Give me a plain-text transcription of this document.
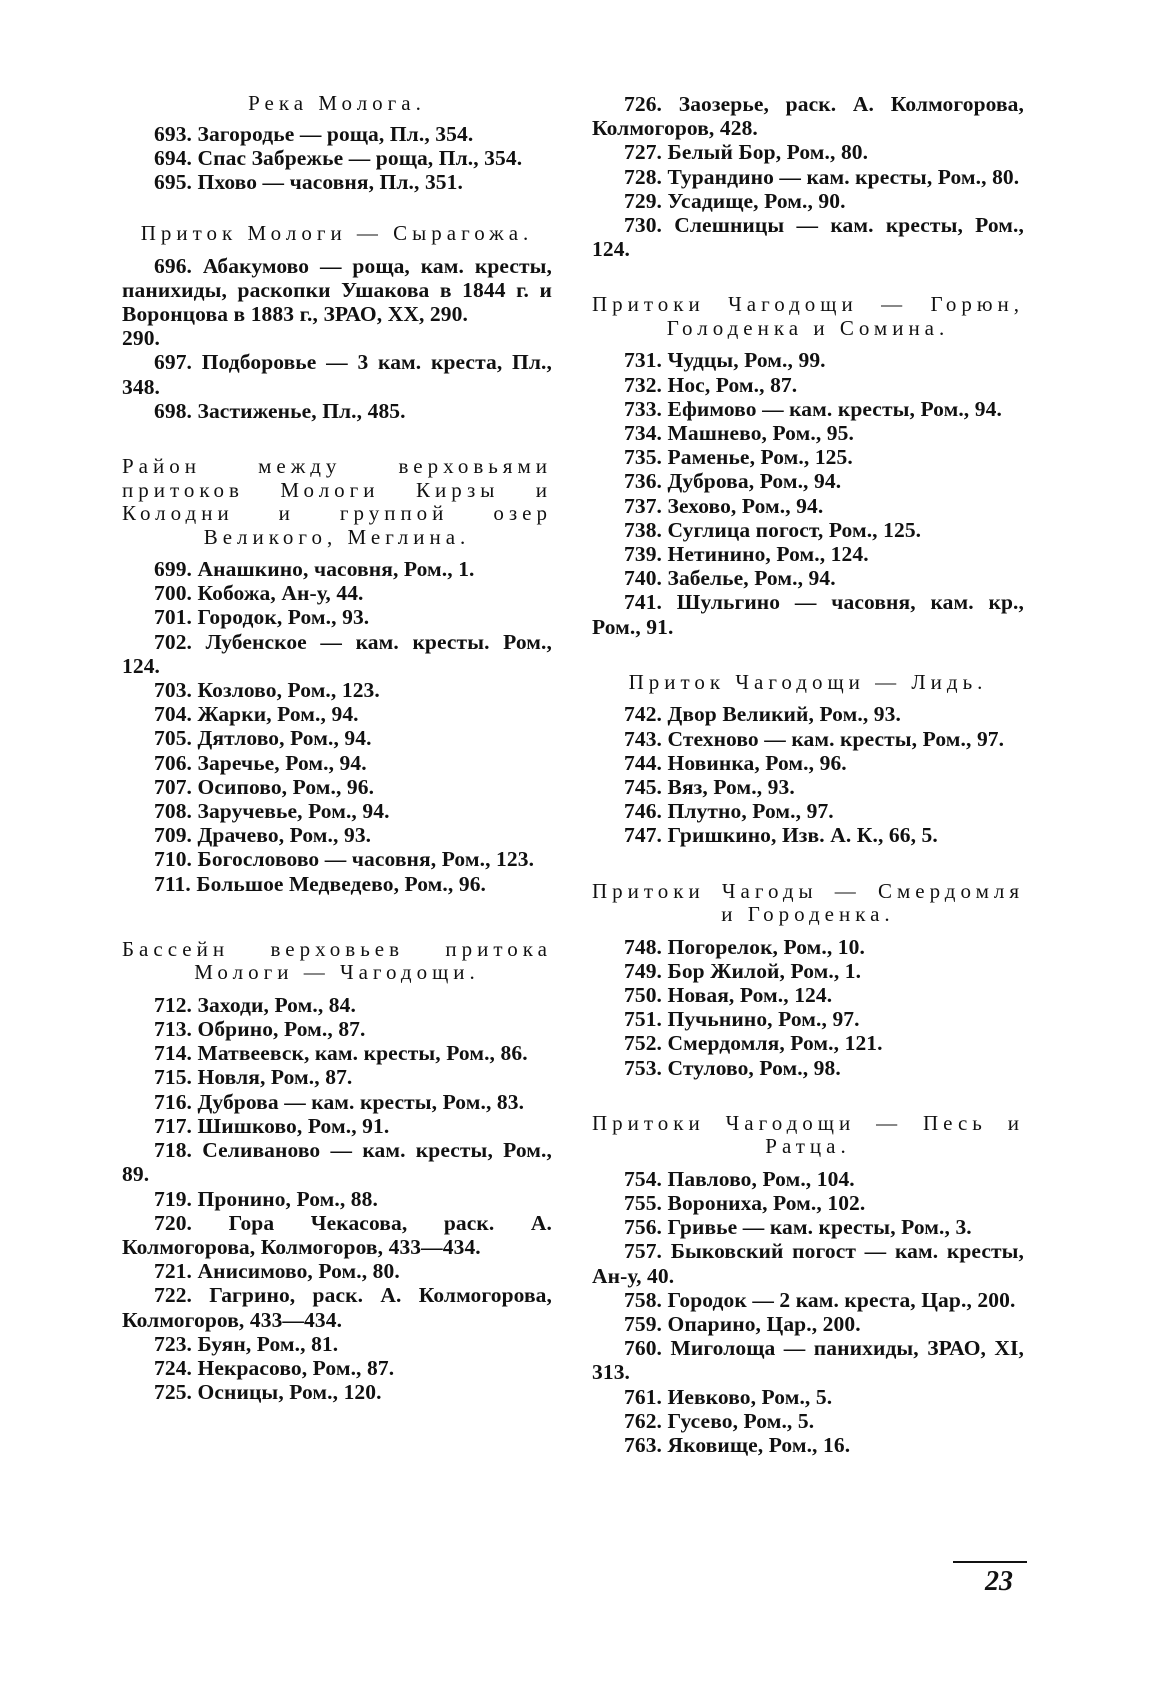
Река Молога.

693. Загородье — роща, Пл., 354.

694. Спас Забрежье — роща, Пл., 354.

695. Пхово — часовня, Пл., 351.

Приток Мологи — Сырагожа.

696. Абакумово — роща, кам. кресты, панихиды, раскопки Ушакова в 1844 г. и Воронцова в 1883 г., ЗРАО, XX, 290.

290.

697. Подборовье — 3 кам. креста, Пл., 348.

698. Застиженье, Пл., 485.

Район между верховьями притоков Мологи Кирзы и Колодни и группой озер Великого, Меглина.

699. Анашкино, часовня, Ром., 1.

700. Кобожа, Ан-у, 44.

701. Городок, Ром., 93.

702. Лубенское — кам. кресты. Ром., 124.

703. Козлово, Ром., 123.

704. Жарки, Ром., 94.

705. Дятлово, Ром., 94.

706. Заречье, Ром., 94.

707. Осипово, Ром., 96.

708. Заручевье, Ром., 94.

709. Драчево, Ром., 93.

710. Богословово — часовня, Ром., 123.

711. Большое Медведево, Ром., 96.

Бассейн верховьев притока Мологи — Чагодощи.

712. Заходи, Ром., 84.

713. Обрино, Ром., 87.

714. Матвеевск, кам. кресты, Ром., 86.

715. Новля, Ром., 87.

716. Дуброва — кам. кресты, Ром., 83.

717. Шишково, Ром., 91.

718. Селиваново — кам. кресты, Ром., 89.

719. Пронино, Ром., 88.

720. Гора Чекасова, раск. А. Колмогорова, Колмогоров, 433—434.

721. Анисимово, Ром., 80.

722. Гагрино, раск. А. Колмогорова, Колмогоров, 433—434.

723. Буян, Ром., 81.

724. Некрасово, Ром., 87.

725. Осницы, Ром., 120.

726. Заозерье, раск. А. Колмогорова, Колмогоров, 428.

727. Белый Бор, Ром., 80.

728. Турандино — кам. кресты, Ром., 80.

729. Усадище, Ром., 90.

730. Слешницы — кам. кресты, Ром., 124.

Притоки Чагодощи — Горюн, Голоденка и Сомина.

731. Чудцы, Ром., 99.

732. Нос, Ром., 87.

733. Ефимово — кам. кресты, Ром., 94.

734. Машнево, Ром., 95.

735. Раменье, Ром., 125.

736. Дуброва, Ром., 94.

737. Зехово, Ром., 94.

738. Суглица погост, Ром., 125.

739. Нетинино, Ром., 124.

740. Забелье, Ром., 94.

741. Шульгино — часовня, кам. кр., Ром., 91.

Приток Чагодощи — Лидь.

742. Двор Великий, Ром., 93.

743. Стехново — кам. кресты, Ром., 97.

744. Новинка, Ром., 96.

745. Вяз, Ром., 93.

746. Плутно, Ром., 97.

747. Гришкино, Изв. А. К., 66, 5.

Притоки Чагоды — Смердомля и Городенка.

748. Погорелок, Ром., 10.

749. Бор Жилой, Ром., 1.

750. Новая, Ром., 124.

751. Пучьнино, Ром., 97.

752. Смердомля, Ром., 121.

753. Стулово, Ром., 98.

Притоки Чагодощи — Песь и Ратца.

754. Павлово, Ром., 104.

755. Ворониха, Ром., 102.

756. Гривье — кам. кресты, Ром., 3.

757. Быковский погост — кам. кресты, Ан-у, 40.

758. Городок — 2 кам. креста, Цар., 200.

759. Опарино, Цар., 200.

760. Миголоща — панихиды, ЗРАО, XI, 313.

761. Иевково, Ром., 5.

762. Гусево, Ром., 5.

763. Яковище, Ром., 16.

23
